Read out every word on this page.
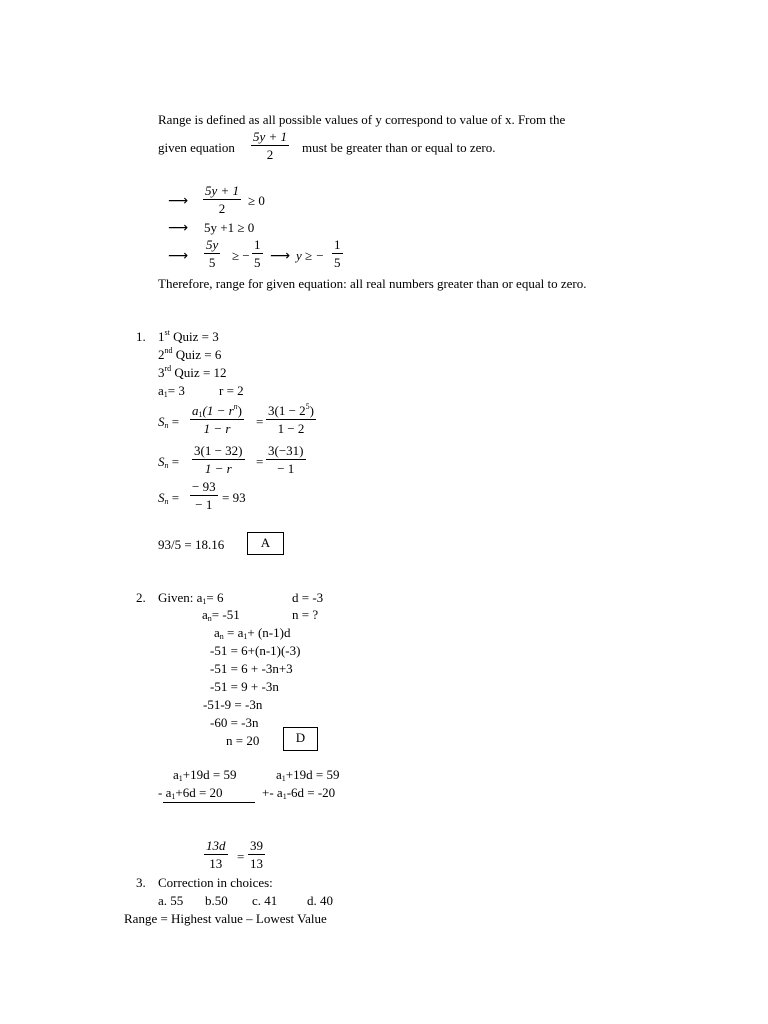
Range is defined as all possible values of y correspond to value of x. From the
given equation
5y + 1
2	must be greater than or equal to zero.
⟶
5y + 1
2
≥ 0
⟶ 5y +1 ≥ 0
⟶
5y
5	≥ −
1
5 ⟶ y ≥ −
1
5
Therefore, range for given equation: all real numbers greater than or equal to zero.
1. 1st Quiz = 3
2nd Quiz = 6
3rd Quiz = 12
$a_1= 3$	r = 2
$S_n$ =
$a_1(1 - r^n)$
1 − r	=
$3(1 - 2^5)$
1 − 2
$S_n$ =
3(1 − 32)
1 − r	=
3(−31)
− 1
$S_n$ =
− 93
− 1 = 93
93/5 = 18.16	A
2. Given: $a_1= 6$	d = -3
$a_n= -51$	n = ?
$a_n = a_1+ (n-1)d$
-51 = 6+(n-1)(-3)
-51 = 6 + -3n+3
-51 = 9 + -3n
-51-9 = -3n
-60 = -3n
n = 20	D
$a_1+19d = 59$	$a_1+19d = 59$
- $a_1+6d = 20$	+- $a_1-6d = -20$
13d
13	=
39
13
3. Correction in choices:
a. 55 b.50 c. 41 d. 40
Range = Highest value – Lowest Value
